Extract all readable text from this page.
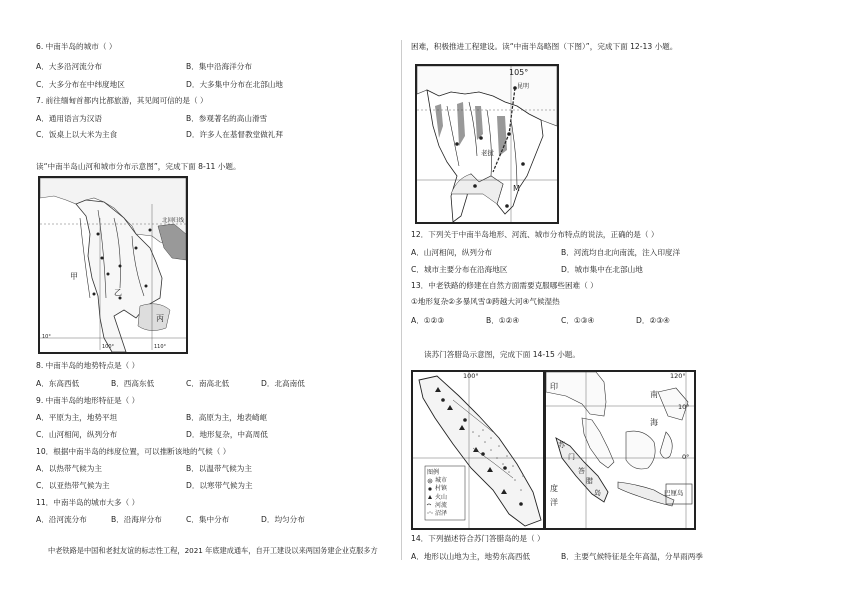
6. 中南半岛的城市（ ）
A．大多沿河流分布	B．集中沿海洋分布
C．大多分布在中纬度地区	D．大多集中分布在北部山地
7. 前往缅甸首都内比都旅游，其见闻可信的是（ ）
A．通用语言为汉语	B．参观著名的高山滑雪
C．饭桌上以大米为主食	D．许多人在基督教堂做礼拜
读“中南半岛山河和城市分布示意图”，完成下面 8-11 小题。
北回归线
甲
乙
丙
10°
100°	110°
8. 中南半岛的地势特点是（ ）
A．东高西低	B．西高东低	C．南高北低	D．北高南低
9. 中南半岛的地形特征是（ ）
A．平原为主，地势平坦	B．高原为主，地表崎岖
C．山河相间，纵列分布	D．地形复杂，中高周低
10．根据中南半岛的纬度位置，可以推断该地的气候（ ）
A．以热带气候为主	B．以温带气候为主
C．以亚热带气候为主	D．以寒带气候为主
11．中南半岛的城市大多（ ）
A．沿河流分布	B．沿海岸分布	C．集中分布	D．均匀分布
中老铁路是中国和老挝友谊的标志性工程，2021 年底建成通车，自开工建设以来两国务建企业克服多方
困难，积极推进工程建设。读“中南半岛略图（下图）”，完成下面 12-13 小题。
105°
昆明
老挝
M
12．下列关于中南半岛地形、河流、城市分布特点的说法，正确的是（ ）
A．山河相间，纵列分布	B．河流均自北向南流，注入印度洋
C．城市主要分布在沿海地区	D．城市集中在北部山地
13．中老铁路的修建在自然方面需要克服哪些困难（ ）
①地形复杂②多暴风雪③跨越大河④气候湿热
A．①②③	B．①②④	C．①③④	D．②③④
读苏门答腊岛示意图，完成下面 14-15 小题。
100°
图例
城市
村镇
火山
河流
沼泽
印
度
洋
南
海
苏
门
答
腊
岛	巴厘岛
120°
10°
0°
14．下列描述符合苏门答腊岛的是（ ）
A．地形以山地为主，地势东高西低	B．主要气候特征是全年高温，分旱雨两季
